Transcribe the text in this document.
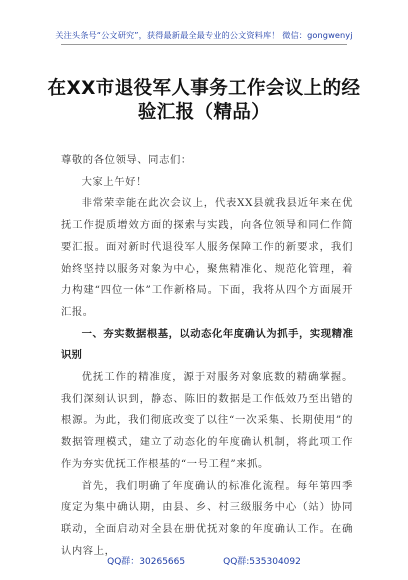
关注头条号“公文研究”，获得最新最全最专业的公文资料库！ 微信：gongwenyj
在XX市退役军人事务工作会议上的经验汇报（精品）

尊敬的各位领导、同志们：

大家上午好！

非常荣幸能在此次会议上，代表XX县就我县近年来在优抚工作提质增效方面的探索与实践，向各位领导和同仁作简要汇报。面对新时代退役军人服务保障工作的新要求，我们始终坚持以服务对象为中心，聚焦精准化、规范化管理，着力构建“四位一体”工作新格局。下面，我将从四个方面展开汇报。

一、夯实数据根基，以动态化年度确认为抓手，实现精准识别

优抚工作的精准度，源于对服务对象底数的精确掌握。我们深刻认识到，静态、陈旧的数据是工作低效乃至出错的根源。为此，我们彻底改变了以往“一次采集、长期使用”的数据管理模式，建立了动态化的年度确认机制，将此项工作作为夯实优抚工作根基的“一号工程”来抓。

首先，我们明确了年度确认的标准化流程。每年第四季度定为集中确认期，由县、乡、村三级服务中心（站）协同联动，全面启动对全县在册优抚对象的年度确认工作。在确认内容上，

QQ群：30265665	QQ群:535304092
